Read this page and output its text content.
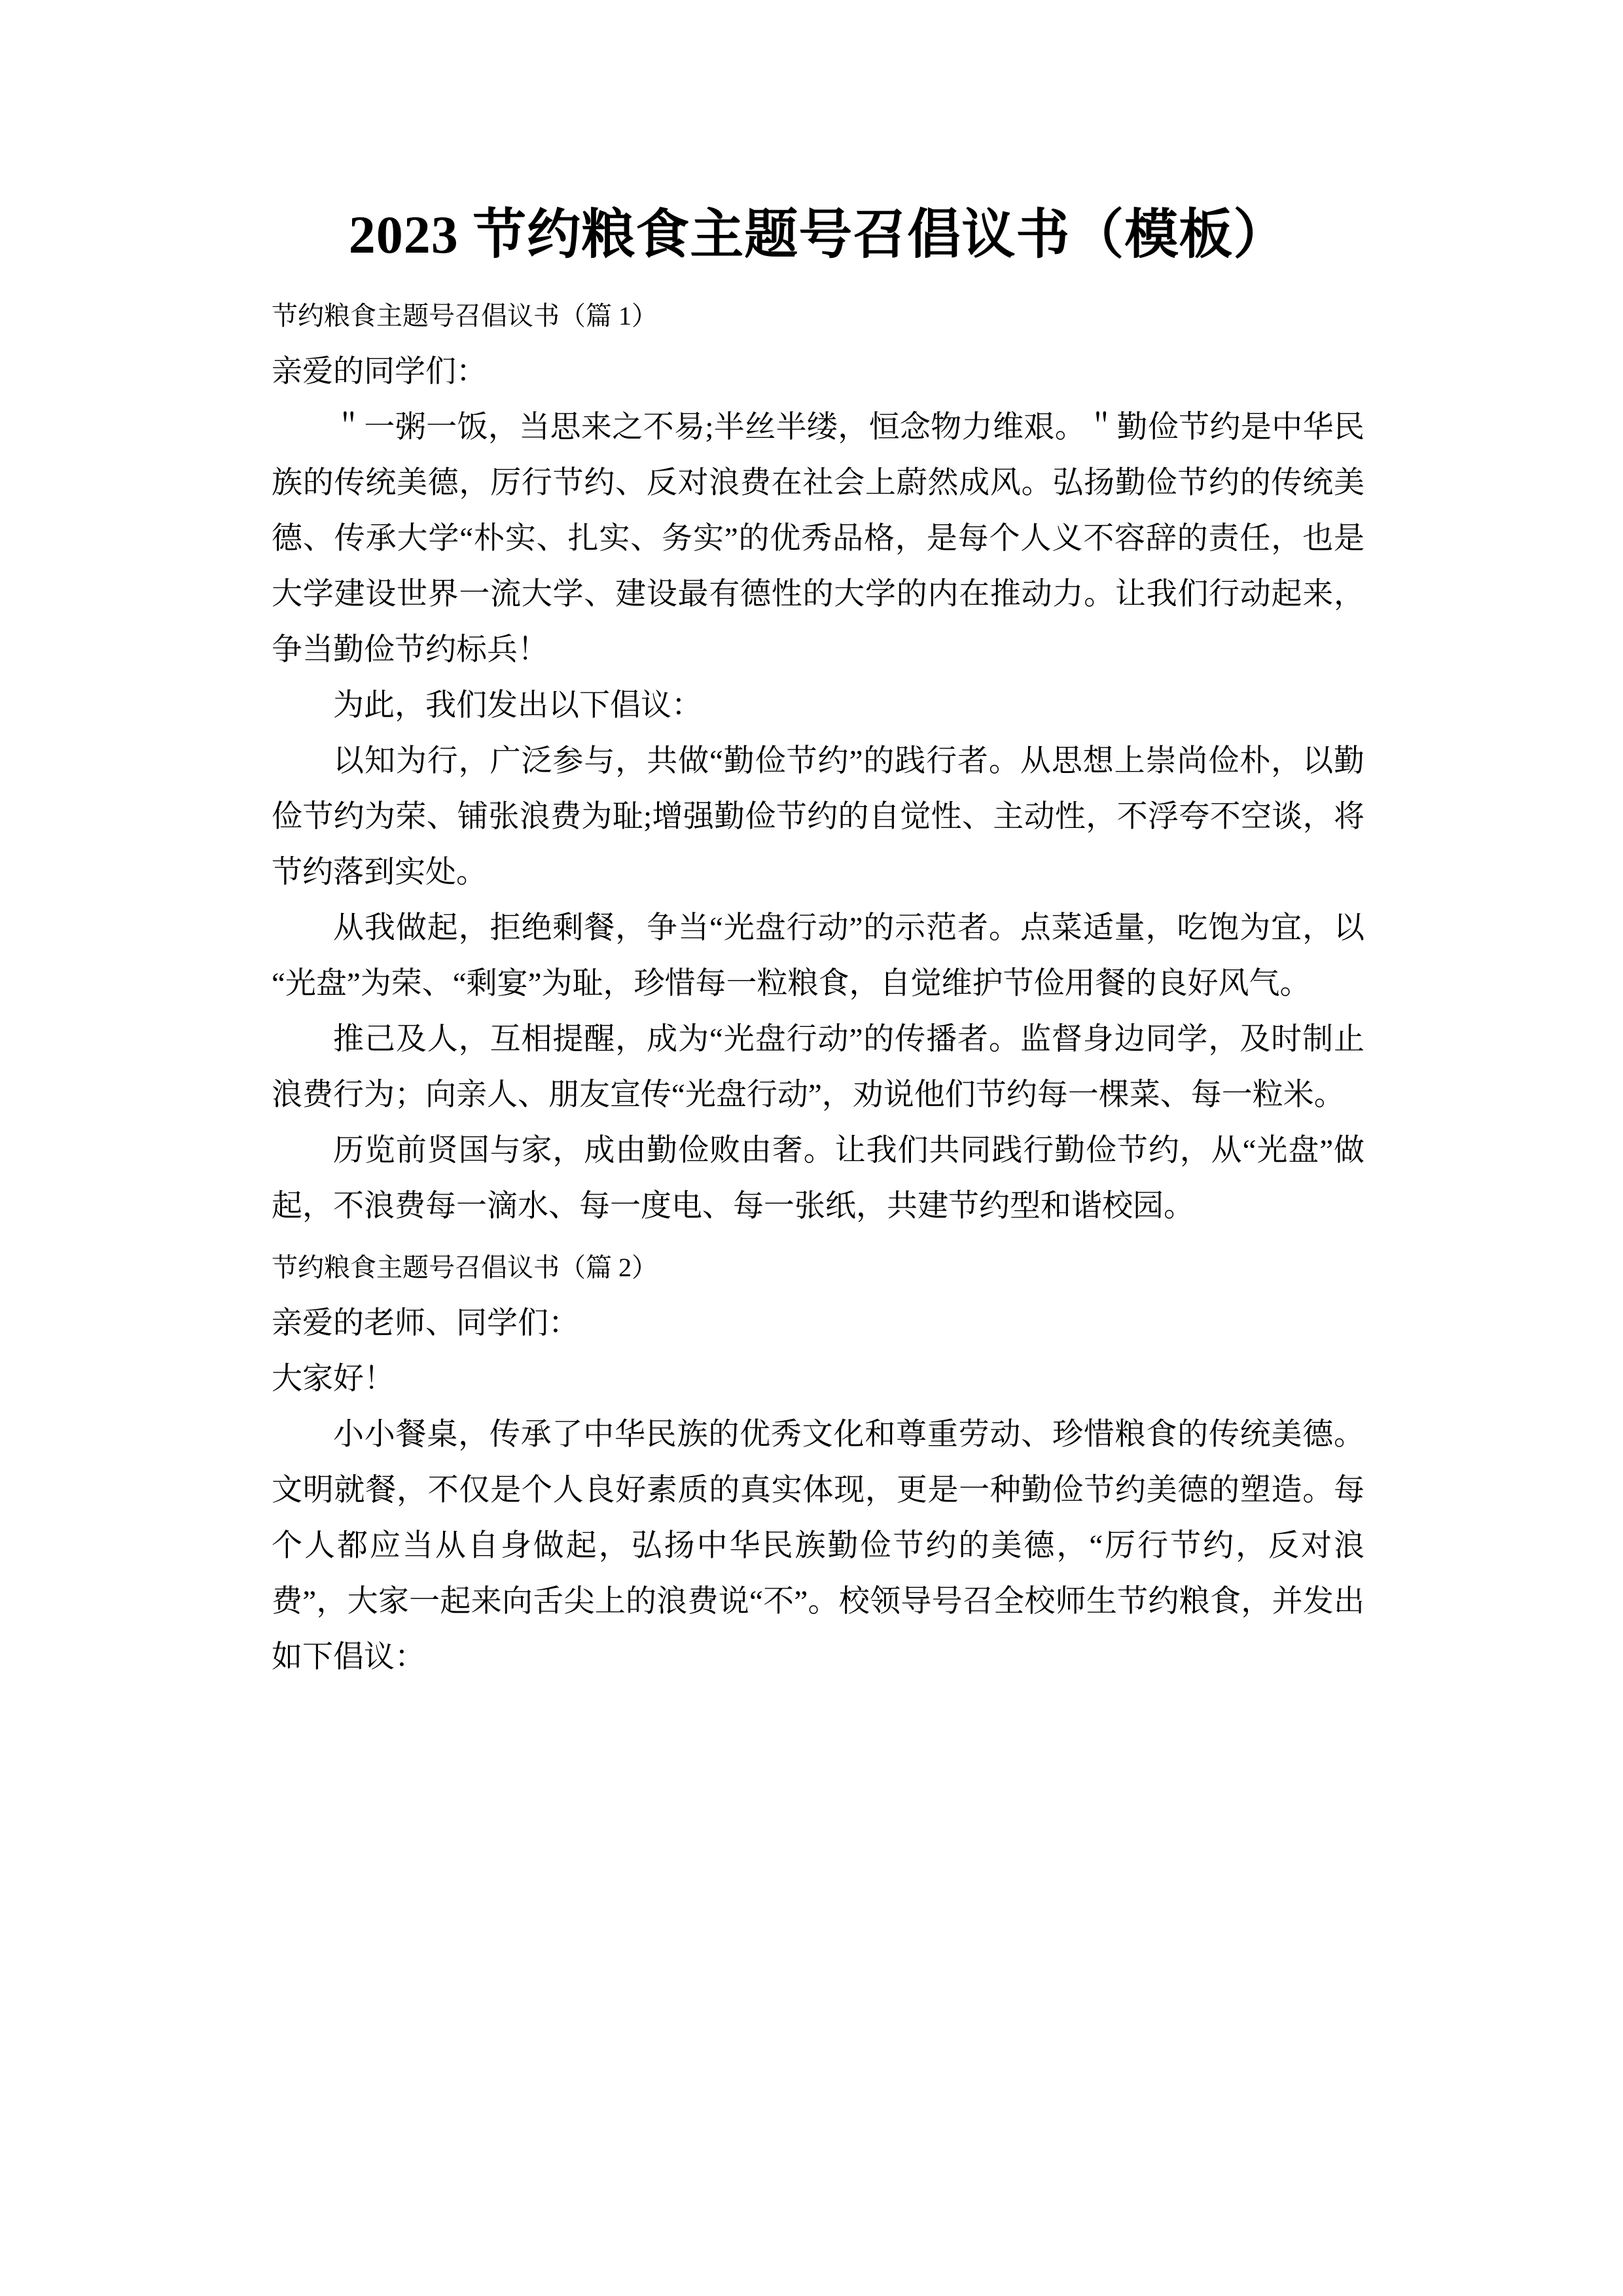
2023 节约粮食主题号召倡议书（模板）

节约粮食主题号召倡议书（篇 1）

亲爱的同学们：

＂一粥一饭，当思来之不易;半丝半缕，恒念物力维艰。＂勤俭节约是中华民族的传统美德，厉行节约、反对浪费在社会上蔚然成风。弘扬勤俭节约的传统美德、传承大学“朴实、扎实、务实”的优秀品格，是每个人义不容辞的责任，也是大学建设世界一流大学、建设最有德性的大学的内在推动力。让我们行动起来，争当勤俭节约标兵！

为此，我们发出以下倡议：

以知为行，广泛参与，共做“勤俭节约”的践行者。从思想上崇尚俭朴，以勤俭节约为荣、铺张浪费为耻;增强勤俭节约的自觉性、主动性，不浮夸不空谈，将节约落到实处。

从我做起，拒绝剩餐，争当“光盘行动”的示范者。点菜适量，吃饱为宜，以“光盘”为荣、“剩宴”为耻，珍惜每一粒粮食，自觉维护节俭用餐的良好风气。

推己及人，互相提醒，成为“光盘行动”的传播者。监督身边同学，及时制止浪费行为；向亲人、朋友宣传“光盘行动”，劝说他们节约每一棵菜、每一粒米。

历览前贤国与家，成由勤俭败由奢。让我们共同践行勤俭节约，从“光盘”做起，不浪费每一滴水、每一度电、每一张纸，共建节约型和谐校园。

节约粮食主题号召倡议书（篇 2）

亲爱的老师、同学们：

大家好！

小小餐桌，传承了中华民族的优秀文化和尊重劳动、珍惜粮食的传统美德。文明就餐，不仅是个人良好素质的真实体现，更是一种勤俭节约美德的塑造。每个人都应当从自身做起，弘扬中华民族勤俭节约的美德，“厉行节约，反对浪费”，大家一起来向舌尖上的浪费说“不”。校领导号召全校师生节约粮食，并发出如下倡议：
